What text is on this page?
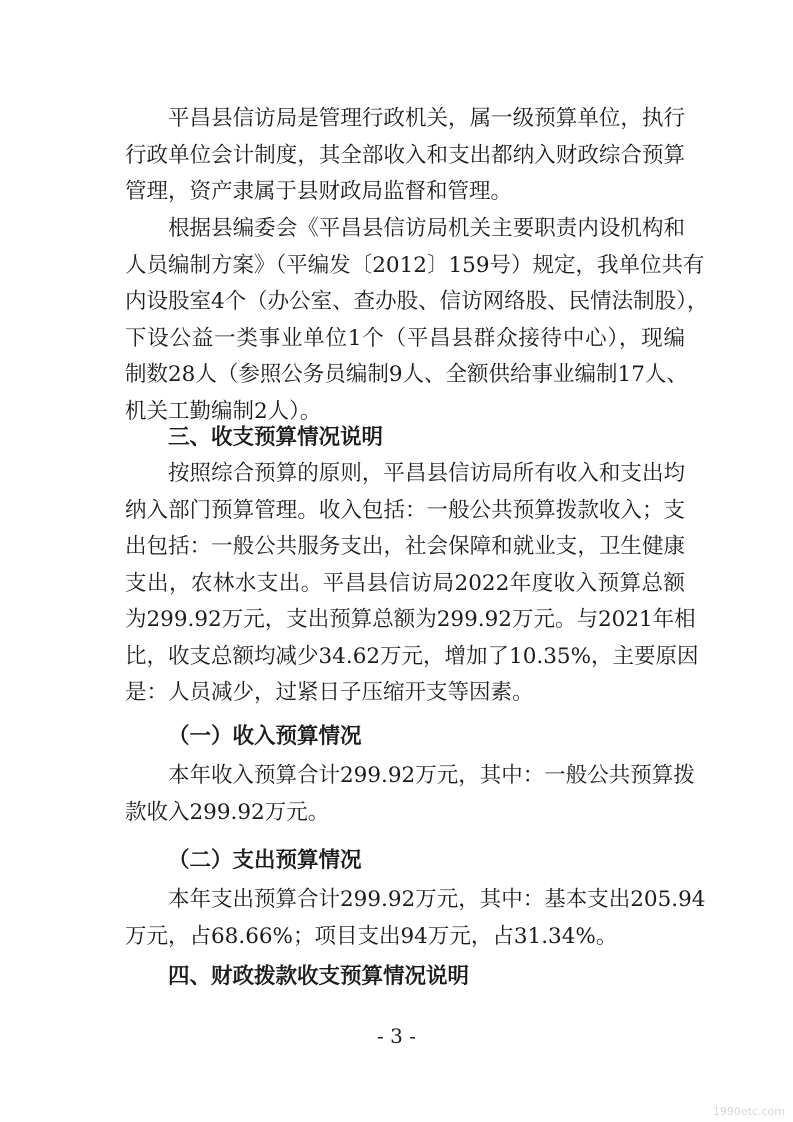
平昌县信访局是管理行政机关，属一级预算单位，执行
行政单位会计制度，其全部收入和支出都纳入财政综合预算
管理，资产隶属于县财政局监督和管理。
根据县编委会《平昌县信访局机关主要职责内设机构和
人员编制方案》（平编发〔2012〕159号）规定，我单位共有
内设股室4个（办公室、查办股、信访网络股、民情法制股），
下设公益一类事业单位1个（平昌县群众接待中心），现编
制数28人（参照公务员编制9人、全额供给事业编制17人、
机关工勤编制2人）。
三、收支预算情况说明
按照综合预算的原则，平昌县信访局所有收入和支出均
纳入部门预算管理。收入包括：一般公共预算拨款收入；支
出包括：一般公共服务支出，社会保障和就业支，卫生健康
支出，农林水支出。平昌县信访局2022年度收入预算总额
为299.92万元，支出预算总额为299.92万元。与2021年相
比，收支总额均减少34.62万元，增加了10.35%，主要原因
是：人员减少，过紧日子压缩开支等因素。
（一）收入预算情况
本年收入预算合计299.92万元，其中：一般公共预算拨
款收入299.92万元。
（二）支出预算情况
本年支出预算合计299.92万元，其中：基本支出205.94
万元，占68.66%；项目支出94万元，占31.34%。
四、财政拨款收支预算情况说明
- 3 -
1990etc.com
